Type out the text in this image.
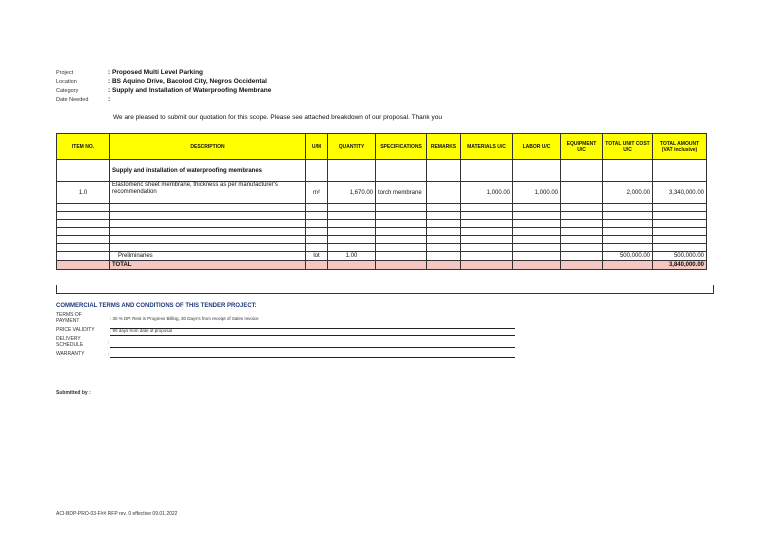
Project	: Proposed Multi Level Parking
Location	: BS Aquino Drive, Bacolod City, Negros Occidental
Category	: Supply and Installation of Waterproofing Membrane
Date Needed	:
We are pleased to submit our quotation for this scope. Please see attached breakdown of our proposal. Thank you
ITEM NO.	DESCRIPTION	U/M	QUANTITY	SPECIFICATIONS	REMARKS	MATERIALS U/C	LABOR U/C	EQUIPMENT U/C	TOTAL UNIT COST U/C	TOTAL AMOUNT (VAT inclusive)
	Supply and installation of waterproofing membranes									
1.0	Elastomeric sheet membrane, thickness as per manufacturer's recommendation	m²	1,670.00	torch membrane		1,000.00	1,000.00		2,000.00	3,340,000.00

	Preliminaries	lot	1.00						500,000.00	500,000.00
	TOTAL									3,840,000.00
COMMERCIAL TERMS AND CONDITIONS OF THIS TENDER PROJECT:
TERMS OF PAYMENT	: 30 % DP. Rest is Progress Billing, 30 Days's from receipt of Sales Invoice
PRICE VALIDITY	: 90 days from date of proposal
DELIVERY SCHEDULE	:
WARRANTY	:
Submitted by :
ACI-BDP-PRO-03-F## RFP rev. 0 effective 09.01.2022
